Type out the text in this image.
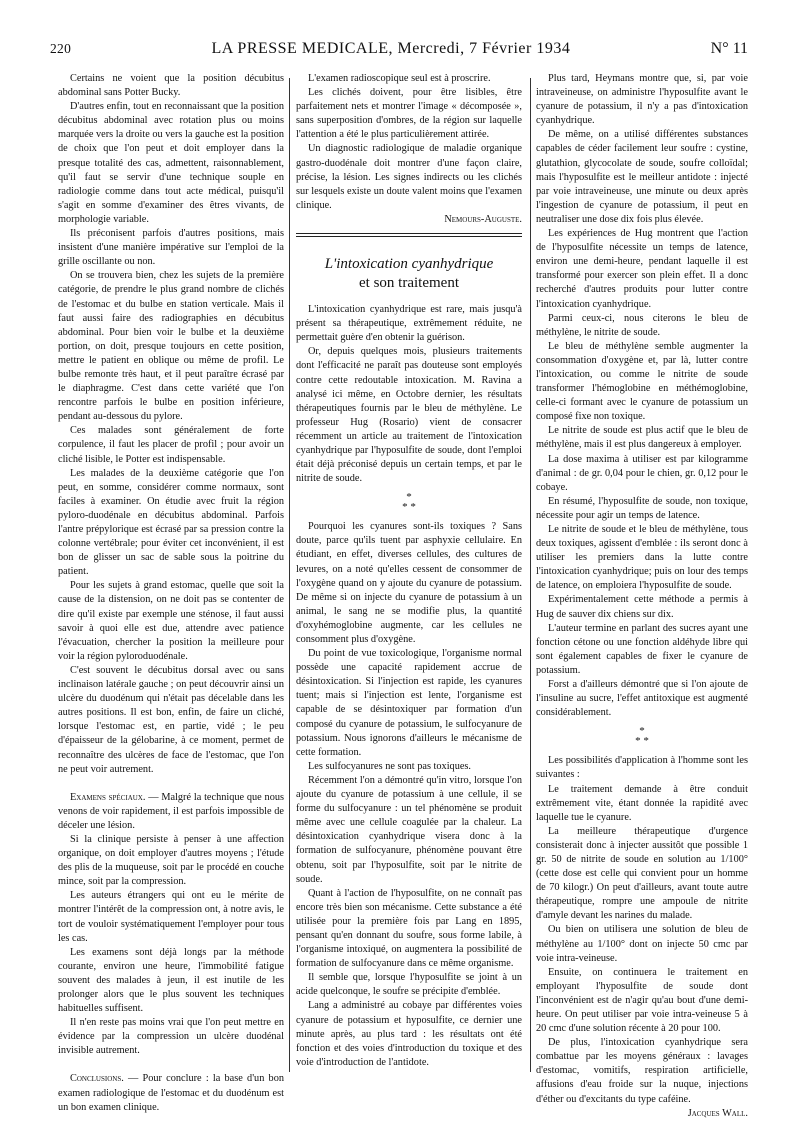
220	LA PRESSE MEDICALE, Mercredi, 7 Février 1934	N° 11

Certains ne voient que la position décubitus abdominal sans Potter Bucky.

D'autres enfin, tout en reconnaissant que la position décubitus abdominal avec rotation plus ou moins marquée vers la droite ou vers la gauche est la position de choix que l'on peut et doit employer dans la presque totalité des cas, admettent, raisonnablement, qu'il faut se servir d'une technique souple en radiologie comme dans tout acte médical, puisqu'il s'agit en somme d'examiner des êtres vivants, de morphologie variable.

Ils préconisent parfois d'autres positions, mais insistent d'une manière impérative sur l'emploi de la grille oscillante ou non.

On se trouvera bien, chez les sujets de la première catégorie, de prendre le plus grand nombre de clichés de l'estomac et du bulbe en station verticale. Mais il faut aussi faire des radiographies en décubitus abdominal. Pour bien voir le bulbe et la deuxième portion, on doit, presque toujours en cette position, mettre le patient en oblique ou même de profil. Le bulbe remonte très haut, et il peut paraître écrasé par le diaphragme. C'est dans cette variété que l'on rencontre parfois le bulbe en position inférieure, pendant au-dessous du pylore.

Ces malades sont généralement de forte corpulence, il faut les placer de profil ; pour avoir un cliché lisible, le Potter est indispensable.

Les malades de la deuxième catégorie que l'on peut, en somme, considérer comme normaux, sont faciles à examiner. On étudie avec fruit la région pyloro-duodénale en décubitus abdominal. Parfois l'antre prépylorique est écrasé par sa pression contre la colonne vertébrale; pour éviter cet inconvénient, il est bon de glisser un sac de sable sous la poitrine du patient.

Pour les sujets à grand estomac, quelle que soit la cause de la distension, on ne doit pas se contenter de dire qu'il existe par exemple une sténose, il faut aussi savoir à quoi elle est due, attendre avec patience l'évacuation, chercher la position la meilleure pour voir la région pyloroduodénale.

C'est souvent le décubitus dorsal avec ou sans inclinaison latérale gauche ; on peut découvrir ainsi un ulcère du duodénum qui n'était pas décelable dans les autres positions. Il est bon, enfin, de faire un cliché, lorsque l'estomac est, en partie, vidé ; le peu d'épaisseur de la gélobarine, à ce moment, permet de reconnaître des ulcères de face de l'estomac, que l'on ne peut voir autrement.

Examens spéciaux. — Malgré la technique que nous venons de voir rapidement, il est parfois impossible de déceler une lésion.

Si la clinique persiste à penser à une affection organique, on doit employer d'autres moyens ; l'étude des plis de la muqueuse, soit par le procédé en couche mince, soit par la compression.

Les auteurs étrangers qui ont eu le mérite de montrer l'intérêt de la compression ont, à notre avis, le tort de vouloir systématiquement l'employer pour tous les cas.

Les examens sont déjà longs par la méthode courante, environ une heure, l'immobilité fatigue souvent des malades à jeun, il est inutile de les prolonger alors que le plus souvent les techniques habituelles suffisent.

Il n'en reste pas moins vrai que l'on peut mettre en évidence par la compression un ulcère duodénal invisible autrement.

Conclusions. — Pour conclure : la base d'un bon examen radiologique de l'estomac et du duodénum est un bon examen clinique.

L'examen radioscopique seul est à proscrire.

Les clichés doivent, pour être lisibles, être parfaitement nets et montrer l'image « décomposée », sans superposition d'ombres, de la région sur laquelle l'attention a été le plus particulièrement attirée.

Un diagnostic radiologique de maladie organique gastro-duodénale doit montrer d'une façon claire, précise, la lésion. Les signes indirects ou les clichés sur lesquels existe un doute valent moins que l'examen clinique.

Nemours-Auguste.

L'intoxication cyanhydrique
et son traitement

L'intoxication cyanhydrique est rare, mais jusqu'à présent sa thérapeutique, extrêmement réduite, ne permettait guère d'en obtenir la guérison.

Or, depuis quelques mois, plusieurs traitements dont l'efficacité ne paraît pas douteuse sont employés contre cette redoutable intoxication. M. Ravina a analysé ici même, en Octobre dernier, les résultats thérapeutiques fournis par le bleu de méthylène. Le professeur Hug (Rosario) vient de consacrer récemment un article au traitement de l'intoxication cyanhydrique par l'hyposulfite de soude, dont l'emploi était déjà préconisé depuis un certain temps, et par le nitrite de soude.

*
* *

Pourquoi les cyanures sont-ils toxiques ? Sans doute, parce qu'ils tuent par asphyxie cellulaire. En étudiant, en effet, diverses cellules, des cultures de levures, on a noté qu'elles cessent de consommer de l'oxygène quand on y ajoute du cyanure de potassium. De même si on injecte du cyanure de potassium à un animal, le sang ne se modifie plus, la quantité d'oxyhémoglobine augmente, car les cellules ne consomment plus d'oxygène.

Du point de vue toxicologique, l'organisme normal possède une capacité rapidement accrue de désintoxication. Si l'injection est rapide, les cyanures tuent; mais si l'injection est lente, l'organisme est capable de se désintoxiquer par formation d'un composé du cyanure de potassium, le sulfocyanure de potassium. Nous ignorons d'ailleurs le mécanisme de cette formation.

Les sulfocyanures ne sont pas toxiques.

Récemment l'on a démontré qu'in vitro, lorsque l'on ajoute du cyanure de potassium à une cellule, il se forme du sulfocyanure : un tel phénomène se produit même avec une cellule coagulée par la chaleur. La désintoxication cyanhydrique visera donc à la formation de sulfocyanure, phénomène pouvant être obtenu, soit par l'hyposulfite, soit par le nitrite de soude.

Quant à l'action de l'hyposulfite, on ne connaît pas encore très bien son mécanisme. Cette substance a été utilisée pour la première fois par Lang en 1895, pensant qu'en donnant du soufre, sous forme labile, à l'organisme intoxiqué, on augmentera la possibilité de formation de sulfocyanure dans ce même organisme.

Il semble que, lorsque l'hyposulfite se joint à un acide quelconque, le soufre se précipite d'emblée.

Lang a administré au cobaye par différentes voies cyanure de potassium et hyposulfite, ce dernier une minute après, au plus tard : les résultats ont été fonction et des voies d'introduction du toxique et des voie d'introduction de l'antidote.

Plus tard, Heymans montre que, si, par voie intraveineuse, on administre l'hyposulfite avant le cyanure de potassium, il n'y a pas d'intoxication cyanhydrique.

De même, on a utilisé différentes substances capables de céder facilement leur soufre : cystine, glutathion, glycocolate de soude, soufre colloïdal; mais l'hyposulfite est le meilleur antidote : injecté par voie intraveineuse, une minute ou deux après l'ingestion de cyanure de potassium, il peut en neutraliser une dose dix fois plus élevée.

Les expériences de Hug montrent que l'action de l'hyposulfite nécessite un temps de latence, environ une demi-heure, pendant laquelle il est transformé pour exercer son plein effet. Il a donc recherché d'autres produits pour lutter contre l'intoxication cyanhydrique.

Parmi ceux-ci, nous citerons le bleu de méthylène, le nitrite de soude.

Le bleu de méthylène semble augmenter la consommation d'oxygène et, par là, lutter contre l'intoxication, ou comme le nitrite de soude transformer l'hémoglobine en méthémoglobine, celle-ci formant avec le cyanure de potassium un composé fixe non toxique.

Le nitrite de soude est plus actif que le bleu de méthylène, mais il est plus dangereux à employer.

La dose maxima à utiliser est par kilogramme d'animal : de gr. 0,04 pour le chien, gr. 0,12 pour le cobaye.

En résumé, l'hyposulfite de soude, non toxique, nécessite pour agir un temps de latence.

Le nitrite de soude et le bleu de méthylène, tous deux toxiques, agissent d'emblée : ils seront donc à utiliser les premiers dans la lutte contre l'intoxication cyanhydrique; puis on lour des temps de latence, on emploiera l'hyposulfite de soude.

Expérimentalement cette méthode a permis à Hug de sauver dix chiens sur dix.

L'auteur termine en parlant des sucres ayant une fonction cétone ou une fonction aldéhyde libre qui sont également capables de fixer le cyanure de potassium.

Forst a d'ailleurs démontré que si l'on ajoute de l'insuline au sucre, l'effet antitoxique est augmenté considérablement.

*
* *

Les possibilités d'application à l'homme sont les suivantes :

Le traitement demande à être conduit extrêmement vite, étant donnée la rapidité avec laquelle tue le cyanure.

La meilleure thérapeutique d'urgence consisterait donc à injecter aussitôt que possible 1 gr. 50 de nitrite de soude en solution au 1/100° (cette dose est celle qui convient pour un homme de 70 kilogr.) On peut d'ailleurs, avant toute autre thérapeutique, rompre une ampoule de nitrite d'amyle devant les narines du malade.

Ou bien on utilisera une solution de bleu de méthylène au 1/100° dont on injecte 50 cmc par voie intra-veineuse.

Ensuite, on continuera le traitement en employant l'hyposulfite de soude dont l'inconvénient est de n'agir qu'au bout d'une demi-heure. On peut utiliser par voie intra-veineuse 5 à 20 cmc d'une solution récente à 20 pour 100.

De plus, l'intoxication cyanhydrique sera combattue par les moyens généraux : lavages d'estomac, vomitifs, respiration artificielle, affusions d'eau froide sur la nuque, injections d'éther ou d'excitants du type caféine.

Jacques Wall.
